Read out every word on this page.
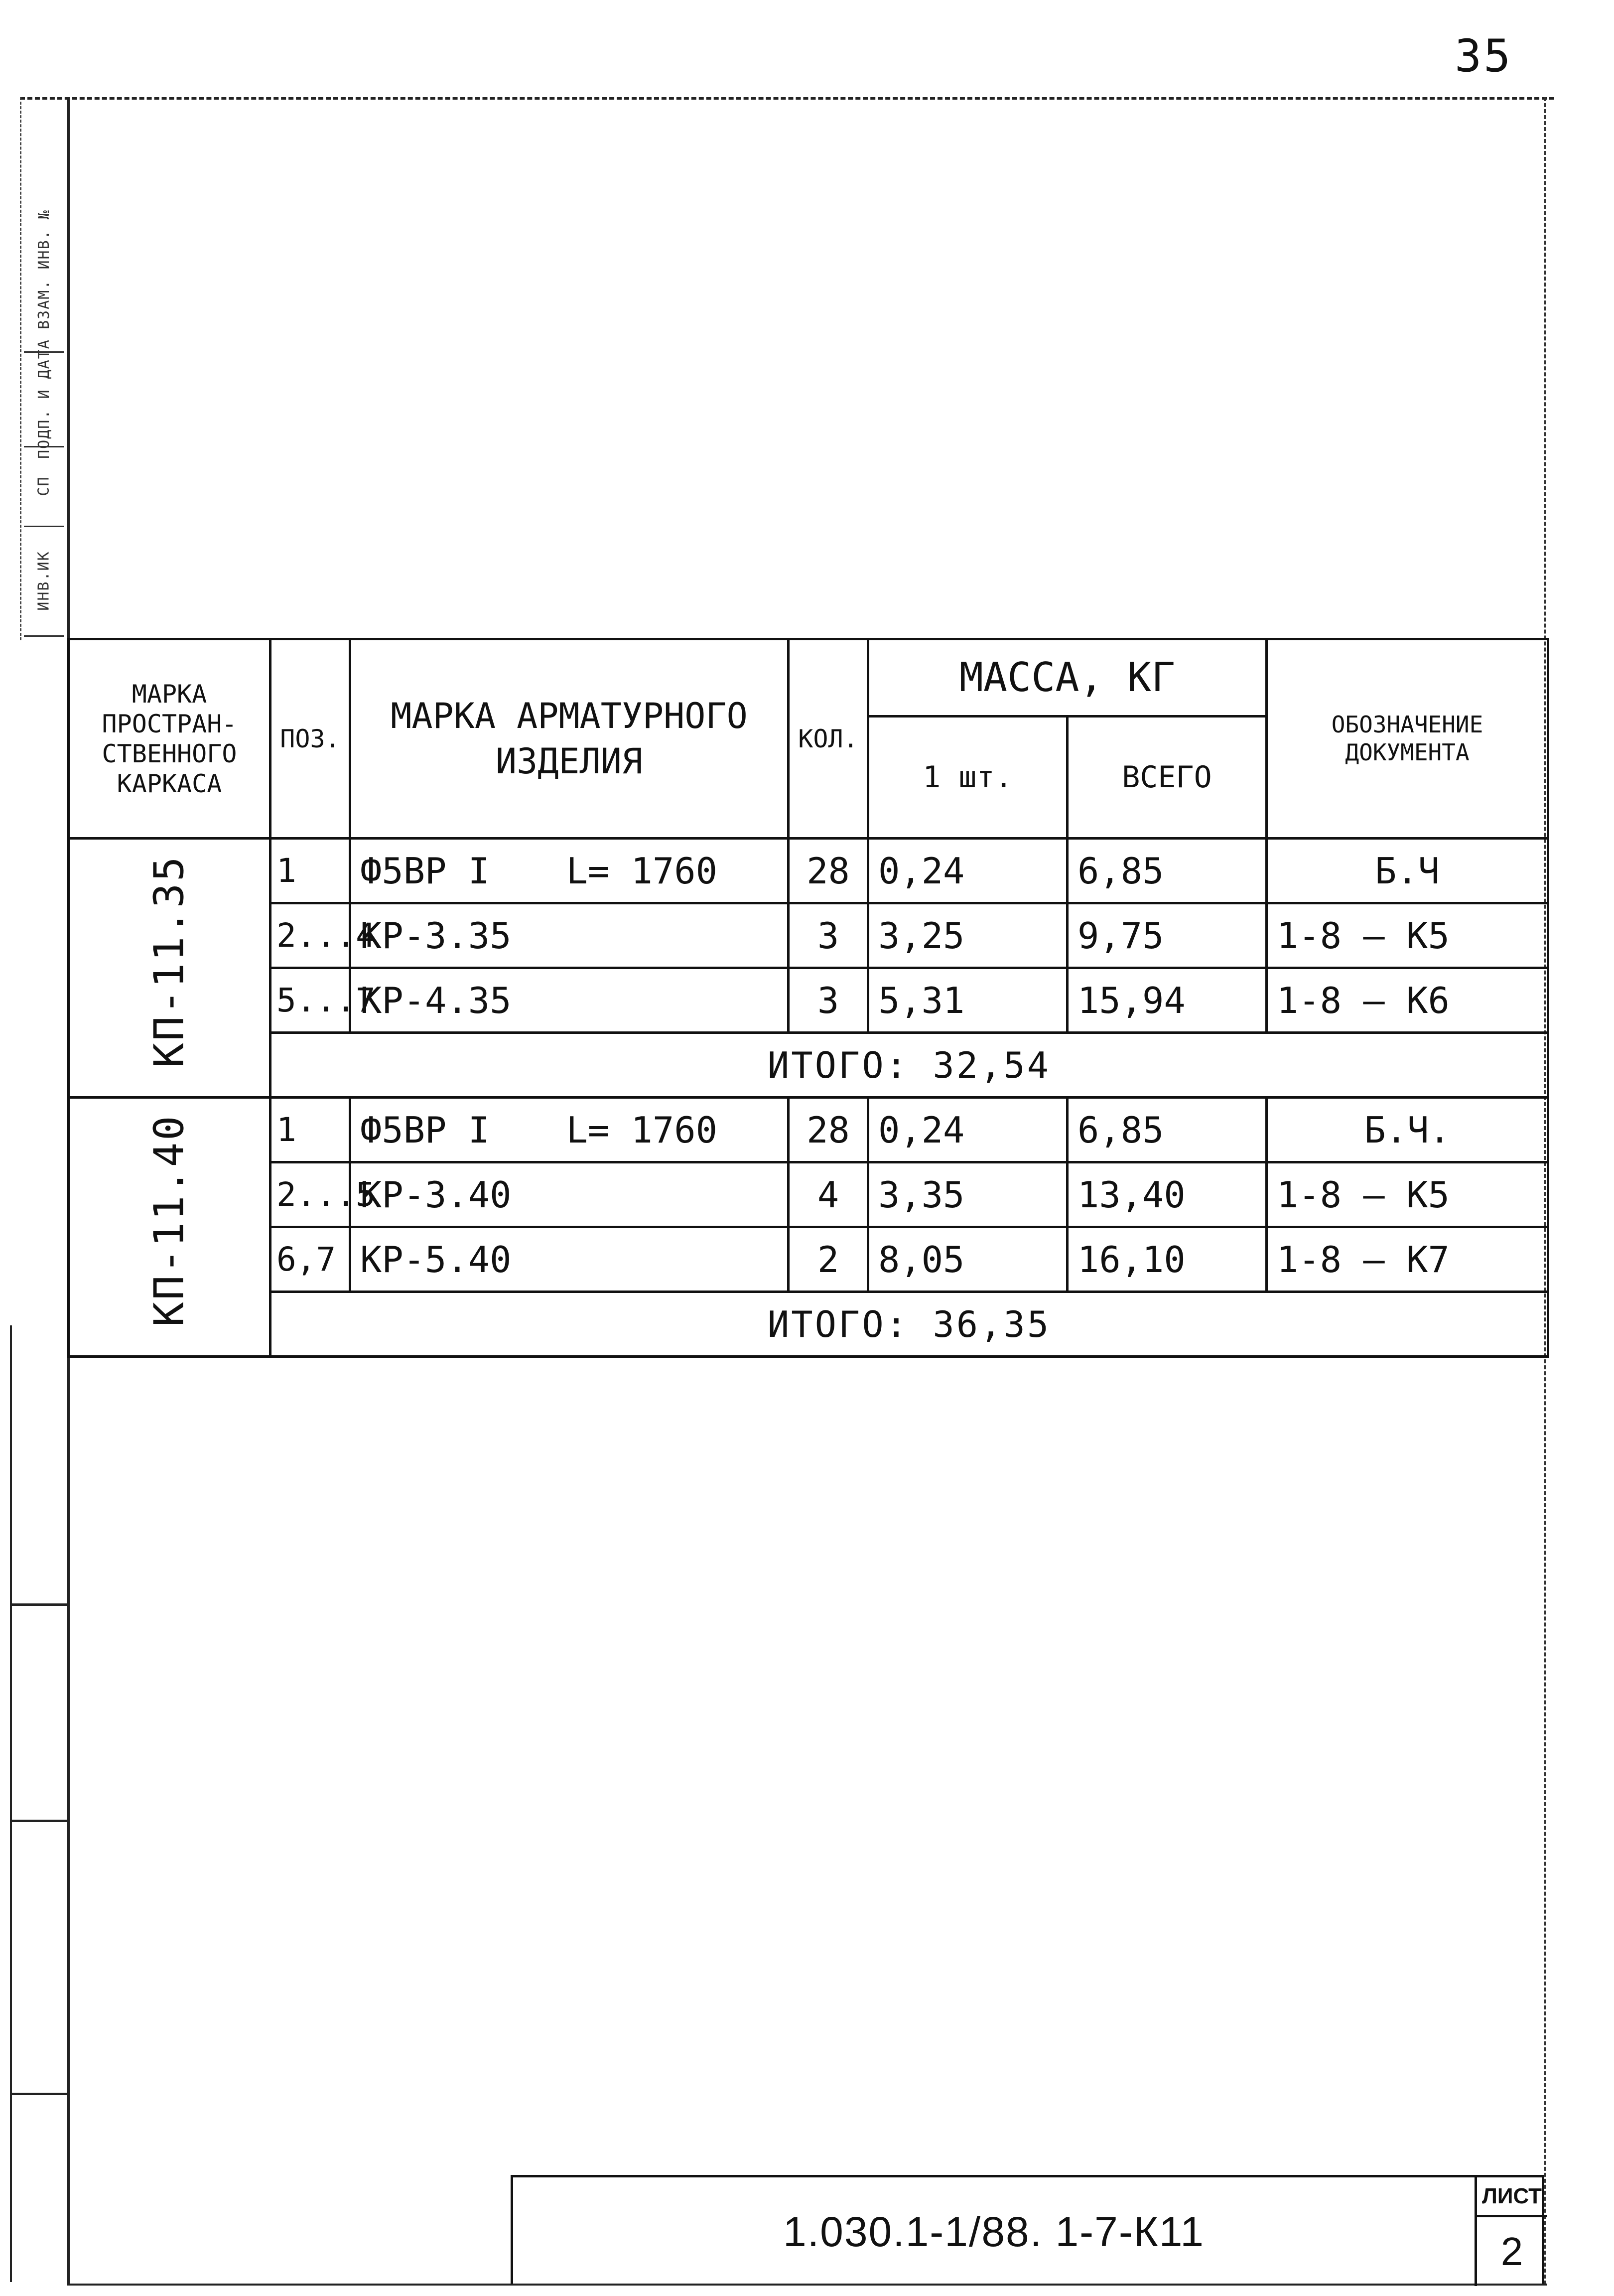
35
ИНВ.ИК
СП
ПОДП. И ДАТА
ВЗАМ. ИНВ. №
МАРКА ПРОСТРАН-СТВЕННОГО КАРКАСА	ПОЗ.	МАРКА АРМАТУРНОГО ИЗДЕЛИЯ	КОЛ.	МАССА, КГ		ОБОЗНАЧЕНИЕ ДОКУМЕНТА
				1 шт.	ВСЕГО	

КП-11.35	1	Ф5ВР I L= 1760	28	0,24	6,85	Б.Ч
	2...4	КР-3.35	3	3,25	9,75	1-8 — К5
	5...7	КР-4.35	3	5,31	15,94	1-8 — К6
	ИТОГО: 32,54					

КП-11.40	1	Ф5ВР I L= 1760	28	0,24	6,85	Б.Ч.
	2...5	КР-3.40	4	3,35	13,40	1-8 — К5
	6,7	КР-5.40	2	8,05	16,10	1-8 — К7
	ИТОГО: 36,35					
1.030.1-1/88. 1-7-К11
ЛИСТ
2
